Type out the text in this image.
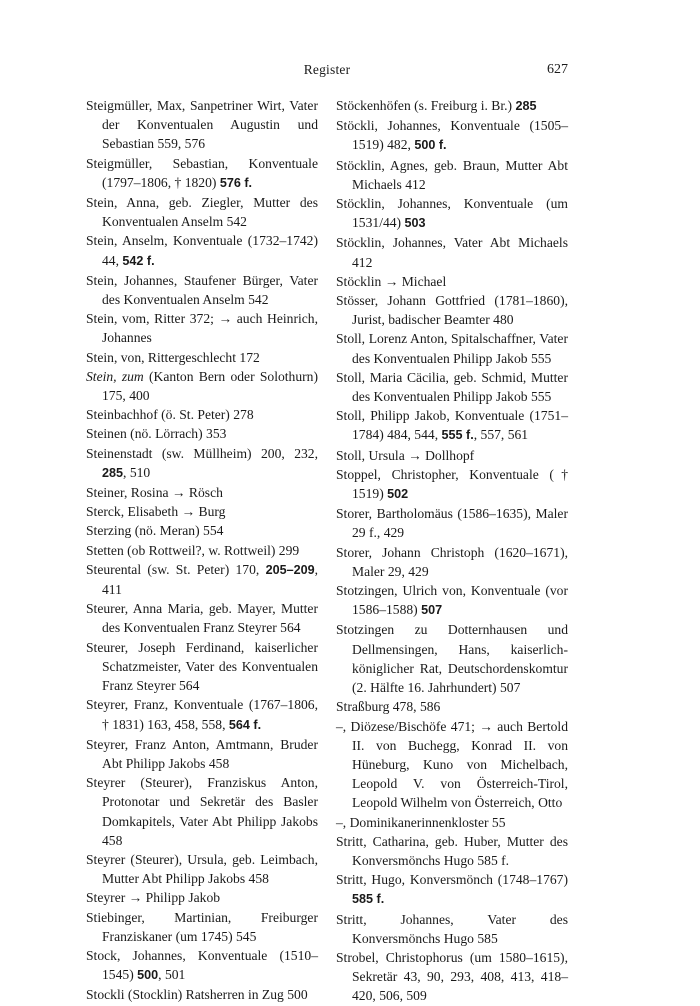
Register	627

Steigmüller, Max, Sanpetriner Wirt, Vater der Konventualen Augustin und Sebastian 559, 576

Steigmüller, Sebastian, Konventuale (1797–1806, † 1820) 576 f.

Stein, Anna, geb. Ziegler, Mutter des Konventualen Anselm 542

Stein, Anselm, Konventuale (1732–1742) 44, 542 f.

Stein, Johannes, Staufener Bürger, Vater des Konventualen Anselm 542

Stein, vom, Ritter 372; → auch Heinrich, Johannes

Stein, von, Rittergeschlecht 172

Stein, zum (Kanton Bern oder Solothurn) 175, 400

Steinbachhof (ö. St. Peter) 278

Steinen (nö. Lörrach) 353

Steinenstadt (sw. Müllheim) 200, 232, 285, 510

Steiner, Rosina → Rösch

Sterck, Elisabeth → Burg

Sterzing (nö. Meran) 554

Stetten (ob Rottweil?, w. Rottweil) 299

Steurental (sw. St. Peter) 170, 205–209, 411

Steurer, Anna Maria, geb. Mayer, Mutter des Konventualen Franz Steyrer 564

Steurer, Joseph Ferdinand, kaiserlicher Schatzmeister, Vater des Konventualen Franz Steyrer 564

Steyrer, Franz, Konventuale (1767–1806, † 1831) 163, 458, 558, 564 f.

Steyrer, Franz Anton, Amtmann, Bruder Abt Philipp Jakobs 458

Steyrer (Steurer), Franziskus Anton, Protonotar und Sekretär des Basler Domkapitels, Vater Abt Philipp Jakobs 458

Steyrer (Steurer), Ursula, geb. Leimbach, Mutter Abt Philipp Jakobs 458

Steyrer → Philipp Jakob

Stiebinger, Martinian, Freiburger Franziskaner (um 1745) 545

Stock, Johannes, Konventuale (1510–1545) 500, 501

Stockli (Stocklin) Ratsherren in Zug 500

Stöckenhöfen (s. Freiburg i. Br.) 285

Stöckli, Johannes, Konventuale (1505–1519) 482, 500 f.

Stöcklin, Agnes, geb. Braun, Mutter Abt Michaels 412

Stöcklin, Johannes, Konventuale (um 1531/44) 503

Stöcklin, Johannes, Vater Abt Michaels 412

Stöcklin → Michael

Stösser, Johann Gottfried (1781–1860), Jurist, badischer Beamter 480

Stoll, Lorenz Anton, Spitalschaffner, Vater des Konventualen Philipp Jakob 555

Stoll, Maria Cäcilia, geb. Schmid, Mutter des Konventualen Philipp Jakob 555

Stoll, Philipp Jakob, Konventuale (1751–1784) 484, 544, 555 f., 557, 561

Stoll, Ursula → Dollhopf

Stoppel, Christopher, Konventuale († 1519) 502

Storer, Bartholomäus (1586–1635), Maler 29 f., 429

Storer, Johann Christoph (1620–1671), Maler 29, 429

Stotzingen, Ulrich von, Konventuale (vor 1586–1588) 507

Stotzingen zu Dotternhausen und Dellmensingen, Hans, kaiserlich-königlicher Rat, Deutschordenskomtur (2. Hälfte 16. Jahrhundert) 507

Straßburg 478, 586

–, Diözese/Bischöfe 471; → auch Bertold II. von Buchegg, Konrad II. von Hüneburg, Kuno von Michelbach, Leopold V. von Österreich-Tirol, Leopold Wilhelm von Österreich, Otto

–, Dominikanerinnenkloster 55

Stritt, Catharina, geb. Huber, Mutter des Konversmönchs Hugo 585 f.

Stritt, Hugo, Konversmönch (1748–1767) 585 f.

Stritt, Johannes, Vater des Konversmönchs Hugo 585

Strobel, Christophorus (um 1580–1615), Sekretär 43, 90, 293, 408, 413, 418–420, 506, 509
